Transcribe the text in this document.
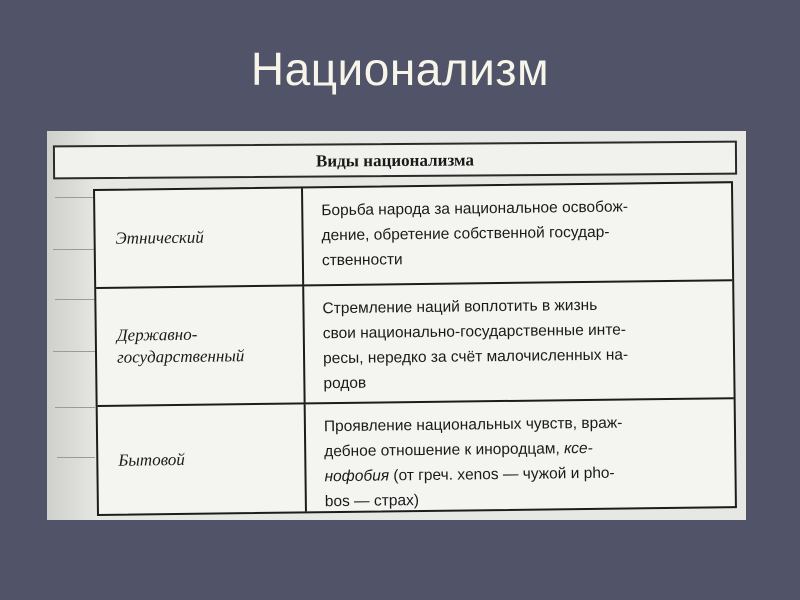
Национализм
Виды национализма
Этнический
Борьба народа за национальное освобож-
дение, обретение собственной государ-
ственности
Державно-
государственный
Стремление наций воплотить в жизнь
свои национально-государственные инте-
ресы, нередко за счёт малочисленных на-
родов
Бытовой
Проявление национальных чувств, враж-
дебное отношение к инородцам, ксе-
нофобия (от греч. xenos — чужой и pho-
bos — страх)
